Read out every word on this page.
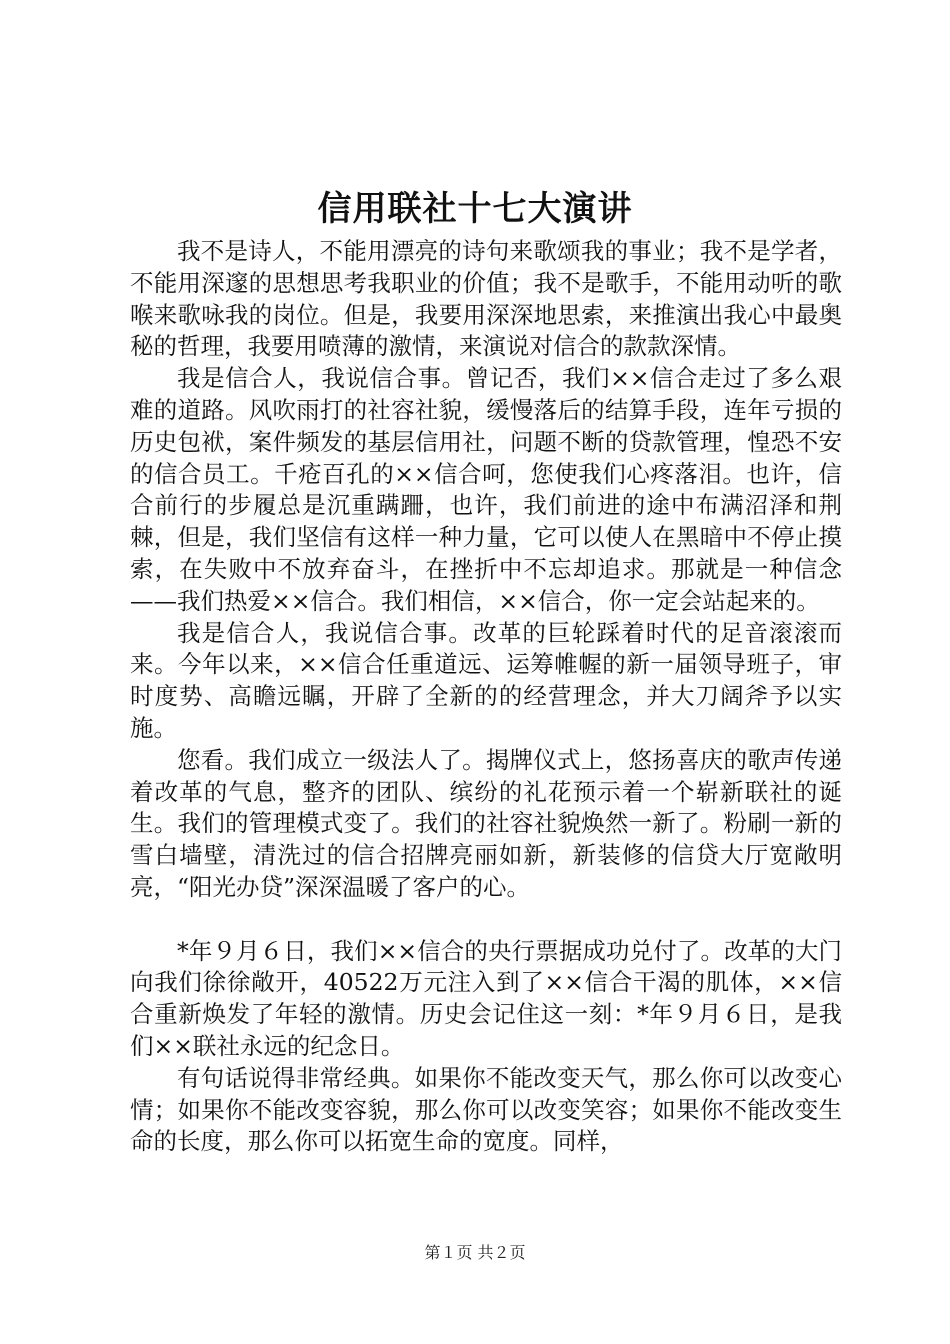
信用联社十七大演讲

我不是诗人，不能用漂亮的诗句来歌颂我的事业；我不是学者，不能用深邃的思想思考我职业的价值；我不是歌手，不能用动听的歌喉来歌咏我的岗位。但是，我要用深深地思索，来推演出我心中最奥秘的哲理，我要用喷薄的激情，来演说对信合的款款深情。

我是信合人，我说信合事。曾记否，我们××信合走过了多么艰难的道路。风吹雨打的社容社貌，缓慢落后的结算手段，连年亏损的历史包袱，案件频发的基层信用社，问题不断的贷款管理，惶恐不安的信合员工。千疮百孔的××信合呵，您使我们心疼落泪。也许，信合前行的步履总是沉重蹒跚，也许，我们前进的途中布满沼泽和荆棘，但是，我们坚信有这样一种力量，它可以使人在黑暗中不停止摸索，在失败中不放弃奋斗，在挫折中不忘却追求。那就是一种信念——我们热爱××信合。我们相信，××信合，你一定会站起来的。

我是信合人，我说信合事。改革的巨轮踩着时代的足音滚滚而来。今年以来，××信合任重道远、运筹帷幄的新一届领导班子，审时度势、高瞻远瞩，开辟了全新的的经营理念，并大刀阔斧予以实施。

您看。我们成立一级法人了。揭牌仪式上，悠扬喜庆的歌声传递着改革的气息，整齐的团队、缤纷的礼花预示着一个崭新联社的诞生。我们的管理模式变了。我们的社容社貌焕然一新了。粉刷一新的雪白墙壁，清洗过的信合招牌亮丽如新，新装修的信贷大厅宽敞明亮，“阳光办贷”深深温暖了客户的心。

*年９月６日，我们××信合的央行票据成功兑付了。改革的大门向我们徐徐敞开，40522万元注入到了××信合干渴的肌体，××信合重新焕发了年轻的激情。历史会记住这一刻：*年９月６日，是我们××联社永远的纪念日。

有句话说得非常经典。如果你不能改变天气，那么你可以改变心情；如果你不能改变容貌，那么你可以改变笑容；如果你不能改变生命的长度，那么你可以拓宽生命的宽度。同样，

第１页 共２页
